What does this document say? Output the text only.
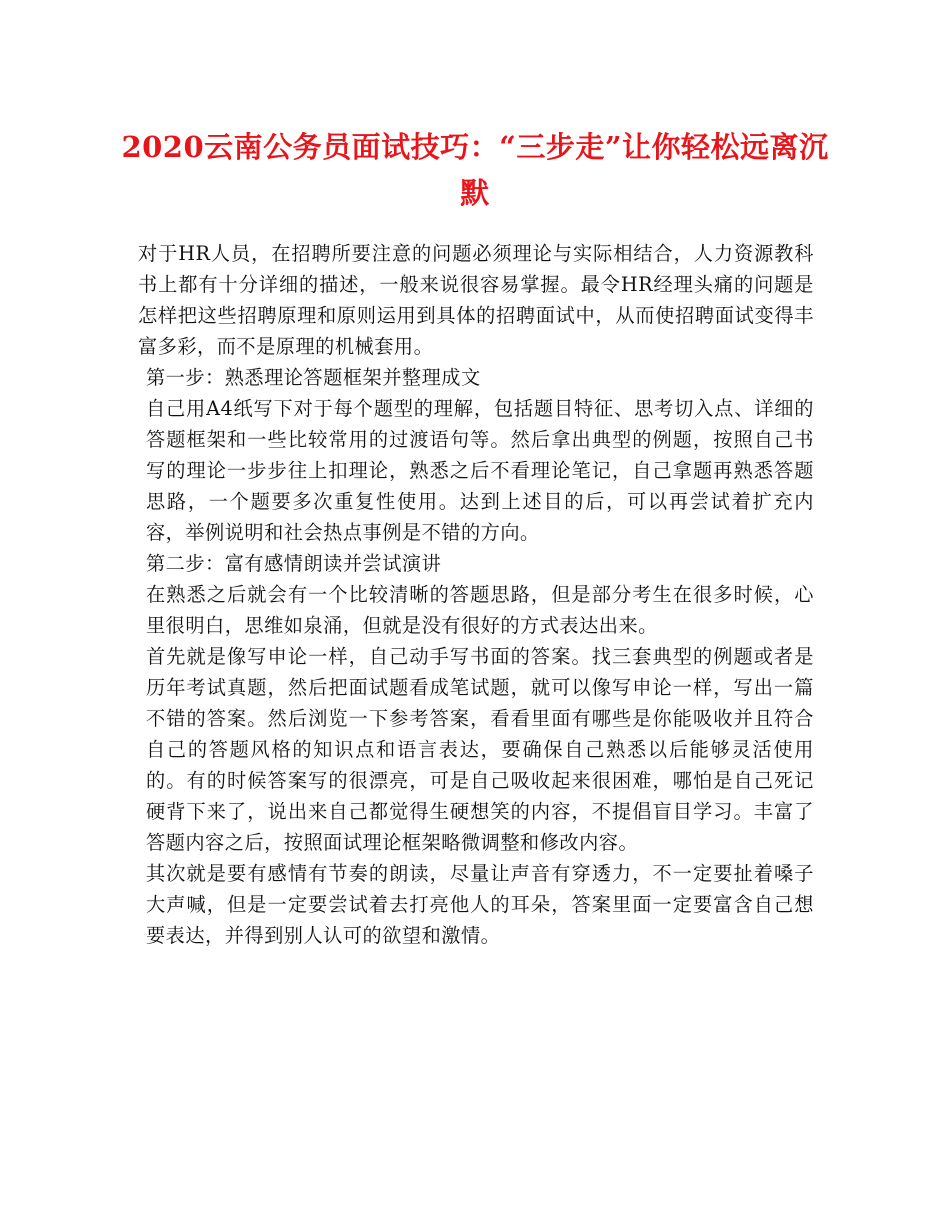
2020云南公务员面试技巧：“三步走”让你轻松远离沉默

对于HR人员，在招聘所要注意的问题必须理论与实际相结合，人力资源教科书上都有十分详细的描述，一般来说很容易掌握。最令HR经理头痛的问题是怎样把这些招聘原理和原则运用到具体的招聘面试中，从而使招聘面试变得丰富多彩，而不是原理的机械套用。

第一步：熟悉理论答题框架并整理成文

自己用A4纸写下对于每个题型的理解，包括题目特征、思考切入点、详细的答题框架和一些比较常用的过渡语句等。然后拿出典型的例题，按照自己书写的理论一步步往上扣理论，熟悉之后不看理论笔记，自己拿题再熟悉答题思路，一个题要多次重复性使用。达到上述目的后，可以再尝试着扩充内容，举例说明和社会热点事例是不错的方向。

第二步：富有感情朗读并尝试演讲

在熟悉之后就会有一个比较清晰的答题思路，但是部分考生在很多时候，心里很明白，思维如泉涌，但就是没有很好的方式表达出来。

首先就是像写申论一样，自己动手写书面的答案。找三套典型的例题或者是历年考试真题，然后把面试题看成笔试题，就可以像写申论一样，写出一篇不错的答案。然后浏览一下参考答案，看看里面有哪些是你能吸收并且符合自己的答题风格的知识点和语言表达，要确保自己熟悉以后能够灵活使用的。有的时候答案写的很漂亮，可是自己吸收起来很困难，哪怕是自己死记硬背下来了，说出来自己都觉得生硬想笑的内容，不提倡盲目学习。丰富了答题内容之后，按照面试理论框架略微调整和修改内容。

其次就是要有感情有节奏的朗读，尽量让声音有穿透力，不一定要扯着嗓子大声喊，但是一定要尝试着去打亮他人的耳朵，答案里面一定要富含自己想要表达，并得到别人认可的欲望和激情。
